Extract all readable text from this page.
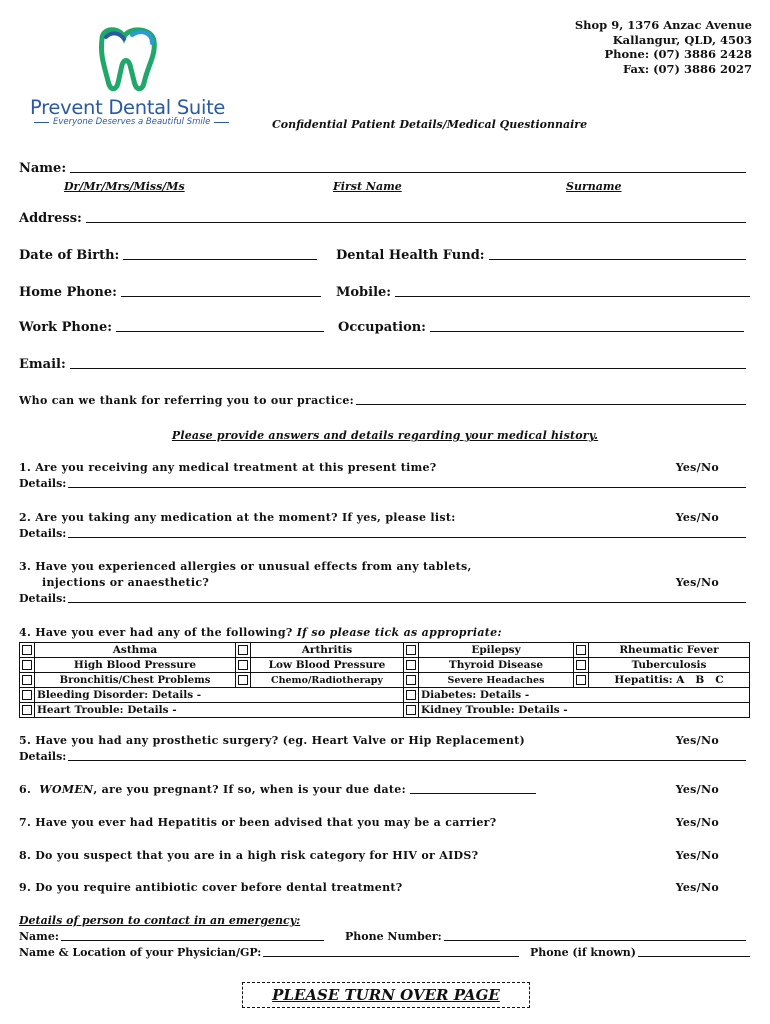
Shop 9, 1376 Anzac Avenue
Kallangur, QLD, 4503
Phone: (07) 3886 2428
Fax: (07) 3886 2027
Prevent Dental Suite
Everyone Deserves a Beautiful Smile	Confidential Patient Details/Medical Questionnaire
Name:
Dr/Mr/Mrs/Miss/Ms	First Name	Surname
Address:
Date of Birth:	Dental Health Fund:
Home Phone:	Mobile:
Work Phone:	Occupation:
Email:
Who can we thank for referring you to our practice:
Please provide answers and details regarding your medical history.
1. Are you receiving any medical treatment at this present time?	Yes/No
Details:
2. Are you taking any medication at the moment? If yes, please list:	Yes/No
Details:
3. Have you experienced allergies or unusual effects from any tablets,
injections or anaesthetic?	Yes/No
Details:
4. Have you ever had any of the following? If so please tick as appropriate:
	Asthma		Arthritis		Epilepsy		Rheumatic Fever
	High Blood Pressure		Low Blood Pressure		Thyroid Disease		Tuberculosis
	Bronchitis/Chest Problems		Chemo/Radiotherapy		Severe Headaches		Hepatitis: A   B   C
	Bleeding Disorder: Details -				Diabetes: Details -		
	Heart Trouble: Details -				Kidney Trouble: Details -		
5. Have you had any prosthetic surgery? (eg. Heart Valve or Hip Replacement)	Yes/No
Details:
6.
WOMEN , are you pregnant? If so, when is your due date:	Yes/No
7. Have you ever had Hepatitis or been advised that you may be a carrier?	Yes/No
8. Do you suspect that you are in a high risk category for HIV or AIDS?	Yes/No
9. Do you require antibiotic cover before dental treatment?	Yes/No
Details of person to contact in an emergency:
Name:	Phone Number:
Name & Location of your Physician/GP:	Phone (if known)
PLEASE TURN OVER PAGE
